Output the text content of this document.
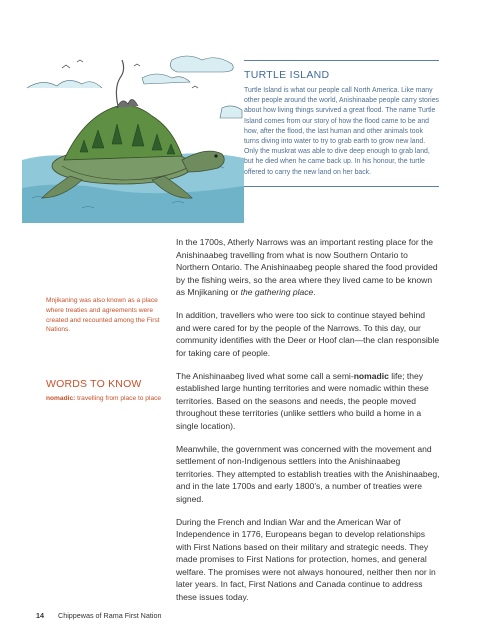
TURTLE ISLAND

Turtle Island is what our people call North America. Like many other people around the world, Anishinaabe people carry stories about how living things survived a great flood. The name Turtle Island comes from our story of how the flood came to be and how, after the flood, the last human and other animals took turns diving into water to try to grab earth to grow new land. Only the muskrat was able to dive deep enough to grab land, but he died when he came back up. In his honour, the turtle offered to carry the new land on her back.

In the 1700s, Atherly Narrows was an important resting place for the Anishinaabeg travelling from what is now Southern Ontario to Northern Ontario. The Anishinaabeg people shared the food provided by the fishing weirs, so the area where they lived came to be known as Mnjikaning or the gathering place.

In addition, travellers who were too sick to continue stayed behind and were cared for by the people of the Narrows. To this day, our community identifies with the Deer or Hoof clan—the clan responsible for taking care of people.

The Anishinaabeg lived what some call a semi-nomadic life; they established large hunting territories and were nomadic within these territories. Based on the seasons and needs, the people moved throughout these territories (unlike settlers who build a home in a single location).

Meanwhile, the government was concerned with the movement and settlement of non-Indigenous settlers into the Anishinaabeg territories. They attempted to establish treaties with the Anishinaabeg, and in the late 1700s and early 1800’s, a number of treaties were signed.

During the French and Indian War and the American War of Independence in 1776, Europeans began to develop relationships with First Nations based on their military and strategic needs. They made promises to First Nations for protection, homes, and general welfare. The promises were not always honoured, neither then nor in later years. In fact, First Nations and Canada continue to address these issues today.

Mnjikaning was also known as a place where treaties and agreements were created and recounted among the First Nations.

WORDS TO KNOW

nomadic: travelling from place to place

14 Chippewas of Rama First Nation
